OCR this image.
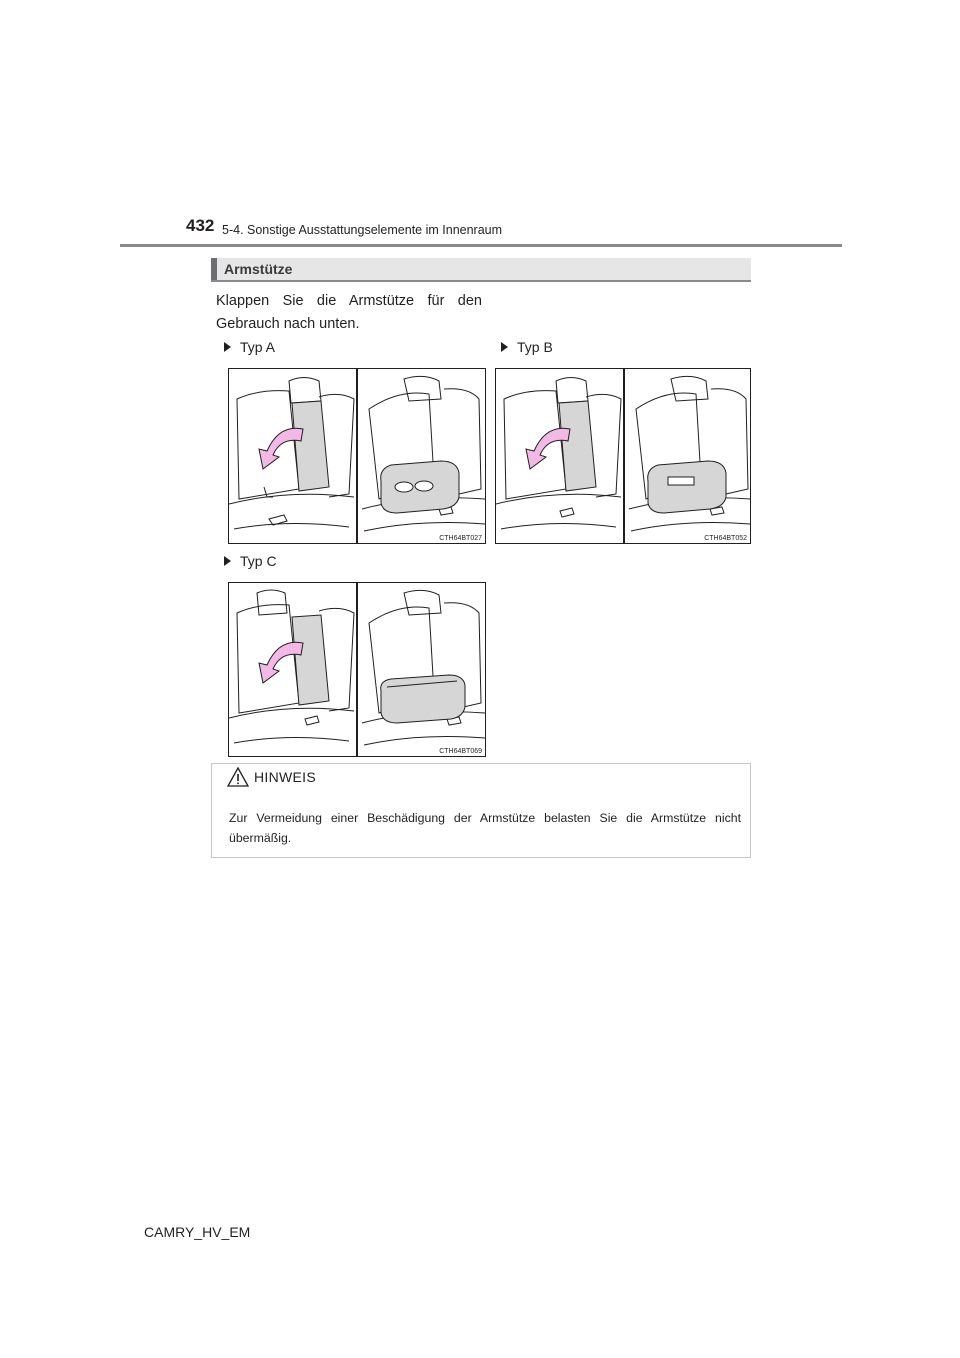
432 5-4. Sonstige Ausstattungselemente im Innenraum
Armstütze
Klappen Sie die Armstütze für den
Gebrauch nach unten.
Typ A	Typ B
Typ C
CTH64BT027	CTH64BT052
CTH64BT069
HINWEIS
Zur Vermeidung einer Beschädigung der Armstütze belasten Sie die Armstütze nicht übermäßig.
CAMRY_HV_EM
